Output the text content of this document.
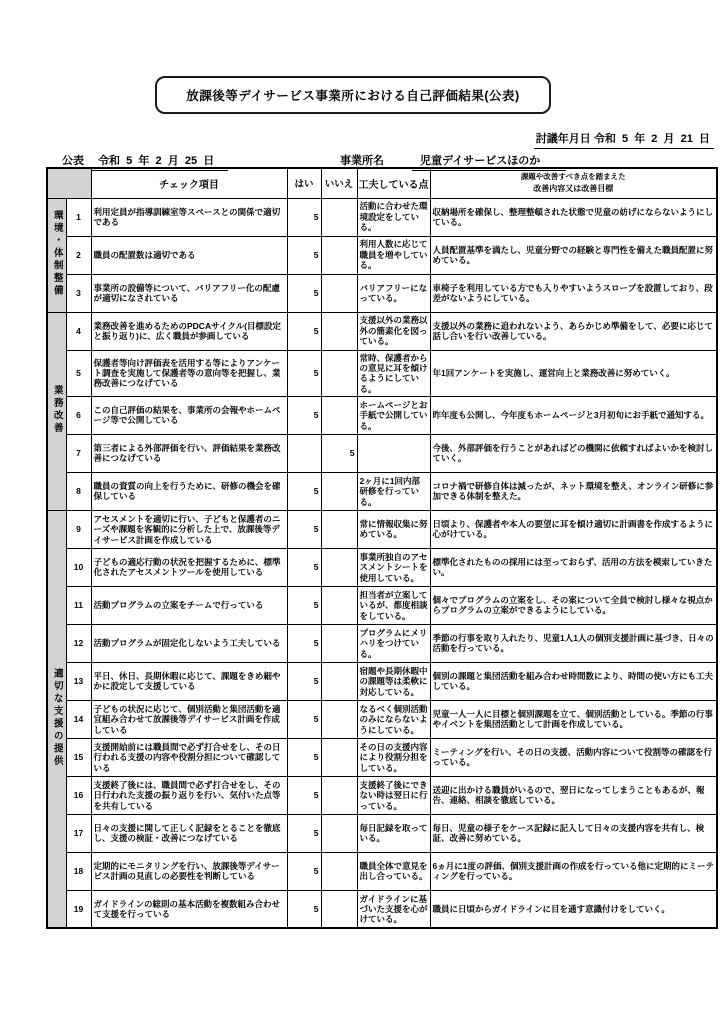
放課後等デイサービス事業所における自己評価結果(公表)
討議年月日 令和  5  年  2  月  21  日
公表　 令和  5  年  2  月  25  日	事業所名	児童デイサービスほのか
		チェック項目	はい	いいえ	工夫している点	課題や改善すべき点を踏まえた
改善内容又は改善目標

環境・体制整備	1	利用定員が指導訓練室等スペースとの関係で適切である	5		活動に合わせた環境設定をしている。	収納場所を確保し、整理整頓された状態で児童の妨げにならないようにしている。
	2	職員の配置数は適切である	5		利用人数に応じて職員を増やしている。	人員配置基準を満たし、児童分野での経験と専門性を備えた職員配置に努めている。
	3	事業所の設備等について、バリアフリー化の配慮が適切になされている	5		バリアフリーになっている。	車椅子を利用している方でも入りやすいようスロープを設置しており、段差がないようにしている。
業務改善	4	業務改善を進めるためのPDCAサイクル(目標設定と振り返り)に、広く職員が参画している	5		支援以外の業務以外の簡素化を図っている。	支援以外の業務に追われないよう、あらかじめ準備をして、必要に応じて話し合いを行い改善している。
	5	保護者等向け評価表を活用する等によりアンケート調査を実施して保護者等の意向等を把握し、業務改善につなげている	5		常時、保護者からの意見に耳を傾けるようにしている。	年1回アンケートを実施し、運営向上と業務改善に努めていく。
	6	この自己評価の結果を、事業所の会報やホームページ等で公開している	5		ホームページとお手紙で公開している。	昨年度も公開し、今年度もホームページと3月初旬にお手紙で通知する。
	7	第三者による外部評価を行い、評価結果を業務改善につなげている		5		今後、外部評価を行うことがあればどの機関に依頼すればよいかを検討していく。
	8	職員の資質の向上を行うために、研修の機会を確保している	5		2ヶ月に1回内部研修を行っている。	コロナ禍で研修自体は減ったが、ネット環境を整え、オンライン研修に参加できる体制を整えた。
適切な支援の提供	9	アセスメントを適切に行い、子どもと保護者のニーズや課題を客観的に分析した上で、放課後等デイサービス計画を作成している	5		常に情報収集に努めている。	日頃より、保護者や本人の要望に耳を傾け適切に計画書を作成するように心がけている。
	10	子どもの適応行動の状況を把握するために、標準化されたアセスメントツールを使用している	5		事業所独自のアセスメントシートを使用している。	標準化されたものの採用には至っておらず、活用の方法を模索していきたい。
	11	活動プログラムの立案をチームで行っている	5		担当者が立案しているが、都度相談をしている。	個々でプログラムの立案をし、その案について全員で検討し様々な視点からプログラムの立案ができるようにしている。
	12	活動プログラムが固定化しないよう工夫している	5		プログラムにメリハリをつけている。	季節の行事を取り入れたり、児童1人1人の個別支援計画に基づき、日々の活動を行っている。
	13	平日、休日、長期休暇に応じて、課題をきめ細やかに設定して支援している	5		宿題や長期休暇中の課題等は柔軟に対応している。	個別の課題と集団活動を組み合わせ時間数により、時間の使い方にも工夫している。
	14	子どもの状況に応じて、個別活動と集団活動を適宜組み合わせて放課後等デイサービス計画を作成している	5		なるべく個別活動のみにならないようにしている。	児童一人一人に目標と個別課題を立て、個別活動としている。季節の行事やイベントを集団活動として計画を作成している。
	15	支援開始前には職員間で必ず打合せをし、その日行われる支援の内容や役割分担について確認している	5		その日の支援内容により役割分担をしている。	ミーティングを行い、その日の支援、活動内容について役割等の確認を行っている。
	16	支援終了後には、職員間で必ず打合せをし、その日行われた支援の振り返りを行い、気付いた点等を共有している	5		支援終了後にできない時は翌日に行っている。	送迎に出かける職員がいるので、翌日になってしまうこともあるが、報告、連絡、相談を徹底している。
	17	日々の支援に関して正しく記録をとることを徹底し、支援の検証・改善につなげている	5		毎日記録を取っている。	毎日、児童の様子をケース記録に記入して日々の支援内容を共有し、検証、改善に努めている。
	18	定期的にモニタリングを行い、放課後等デイサービス計画の見直しの必要性を判断している	5		職員全体で意見を出し合っている。	6ヵ月に1度の評価、個別支援計画の作成を行っている他に定期的にミーティングを行っている。
	19	ガイドラインの総則の基本活動を複数組み合わせて支援を行っている	5		ガイドラインに基づいた支援を心がけている。	職員に日頃からガイドラインに目を通す意識付けをしていく。
